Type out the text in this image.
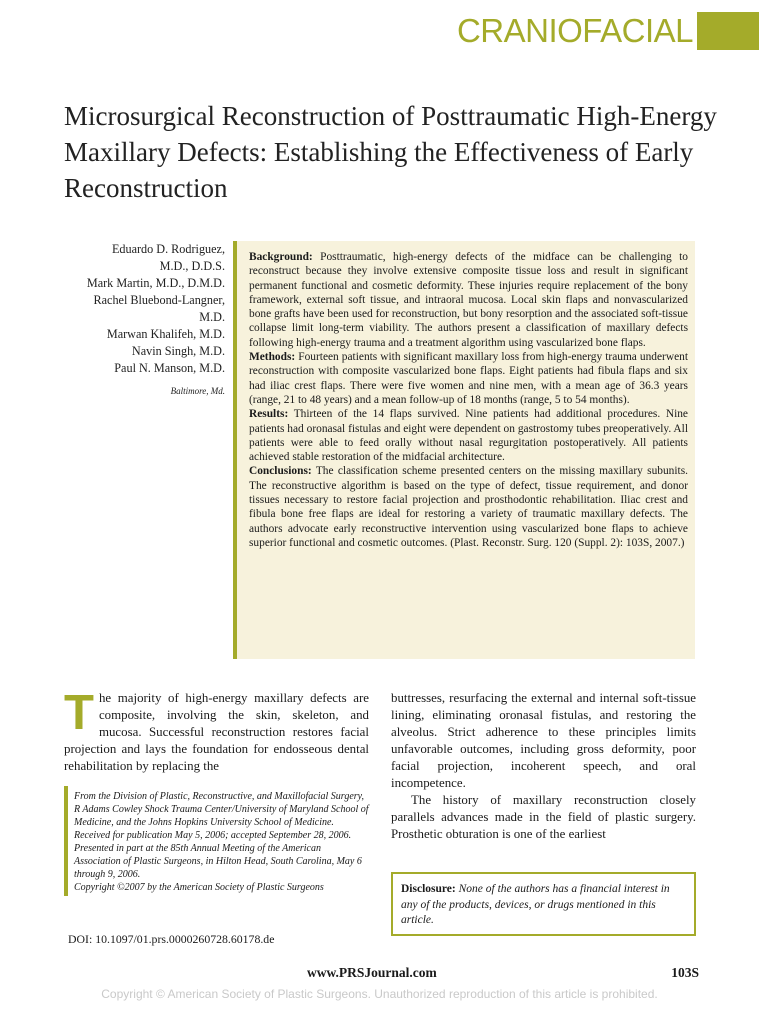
CRANIOFACIAL
Microsurgical Reconstruction of Posttraumatic High-Energy Maxillary Defects: Establishing the Effectiveness of Early Reconstruction
Eduardo D. Rodriguez,
M.D., D.D.S.
Mark Martin, M.D., D.M.D.
Rachel Bluebond-Langner,
M.D.
Marwan Khalifeh, M.D.
Navin Singh, M.D.
Paul N. Manson, M.D.
Baltimore, Md.

Background: Posttraumatic, high-energy defects of the midface can be challenging to reconstruct because they involve extensive composite tissue loss and result in significant permanent functional and cosmetic deformity. These injuries require replacement of the bony framework, external soft tissue, and intraoral mucosa. Local skin flaps and nonvascularized bone grafts have been used for reconstruction, but bony resorption and the associated soft-tissue collapse limit long-term viability. The authors present a classification of maxillary defects following high-energy trauma and a treatment algorithm using vascularized bone flaps.

Methods: Fourteen patients with significant maxillary loss from high-energy trauma underwent reconstruction with composite vascularized bone flaps. Eight patients had fibula flaps and six had iliac crest flaps. There were five women and nine men, with a mean age of 36.3 years (range, 21 to 48 years) and a mean follow-up of 18 months (range, 5 to 54 months).

Results: Thirteen of the 14 flaps survived. Nine patients had additional procedures. Nine patients had oronasal fistulas and eight were dependent on gastrostomy tubes preoperatively. All patients were able to feed orally without nasal regurgitation postoperatively. All patients achieved stable restoration of the midfacial architecture.

Conclusions: The classification scheme presented centers on the missing maxillary subunits. The reconstructive algorithm is based on the type of defect, tissue requirement, and donor tissues necessary to restore facial projection and prosthodontic rehabilitation. Iliac crest and fibula bone free flaps are ideal for restoring a variety of traumatic maxillary defects. The authors advocate early reconstructive intervention using vascularized bone flaps to achieve superior functional and cosmetic outcomes. (Plast. Reconstr. Surg. 120 (Suppl. 2): 103S, 2007.)

The majority of high-energy maxillary defects are composite, involving the skin, skeleton, and mucosa. Successful reconstruction restores facial projection and lays the foundation for endosseous dental rehabilitation by replacing the

From the Division of Plastic, Reconstructive, and Maxillofacial Surgery, R Adams Cowley Shock Trauma Center/University of Maryland School of Medicine, and the Johns Hopkins University School of Medicine.

Received for publication May 5, 2006; accepted September 28, 2006.

Presented in part at the 85th Annual Meeting of the American Association of Plastic Surgeons, in Hilton Head, South Carolina, May 6 through 9, 2006.

Copyright ©2007 by the American Society of Plastic Surgeons

DOI: 10.1097/01.prs.0000260728.60178.de

buttresses, resurfacing the external and internal soft-tissue lining, eliminating oronasal fistulas, and restoring the alveolus. Strict adherence to these principles limits unfavorable outcomes, including gross deformity, poor facial projection, incoherent speech, and oral incompetence.

The history of maxillary reconstruction closely parallels advances made in the field of plastic surgery. Prosthetic obturation is one of the earliest

Disclosure: None of the authors has a financial interest in any of the products, devices, or drugs mentioned in this article.
www.PRSJournal.com	103S
Copyright © American Society of Plastic Surgeons. Unauthorized reproduction of this article is prohibited.
